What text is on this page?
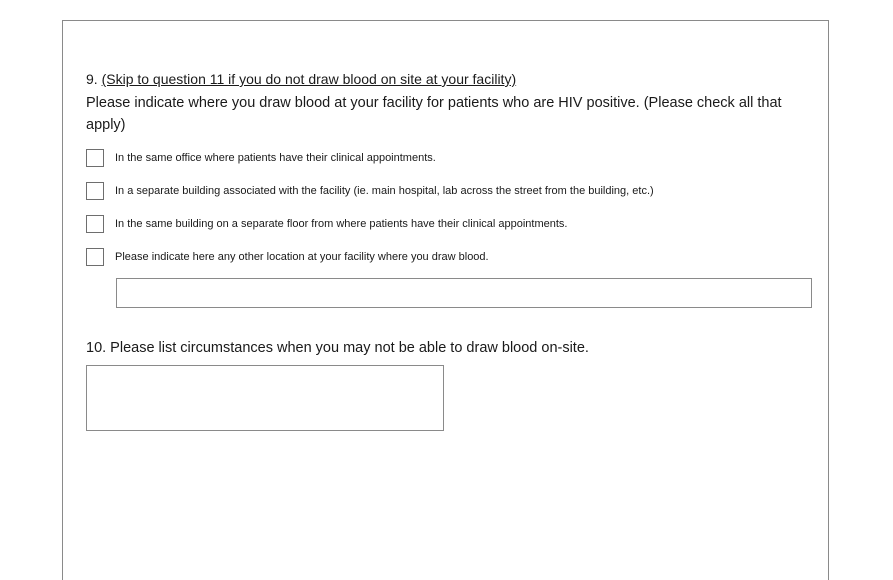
9. (Skip to question 11 if you do not draw blood on site at your facility)
Please indicate where you draw blood at your facility for patients who are HIV positive. (Please check all that apply)
In the same office where patients have their clinical appointments.
In a separate building associated with the facility (ie. main hospital, lab across the street from the building, etc.)
In the same building on a separate floor from where patients have their clinical appointments.
Please indicate here any other location at your facility where you draw blood.
10. Please list circumstances when you may not be able to draw blood on-site.
